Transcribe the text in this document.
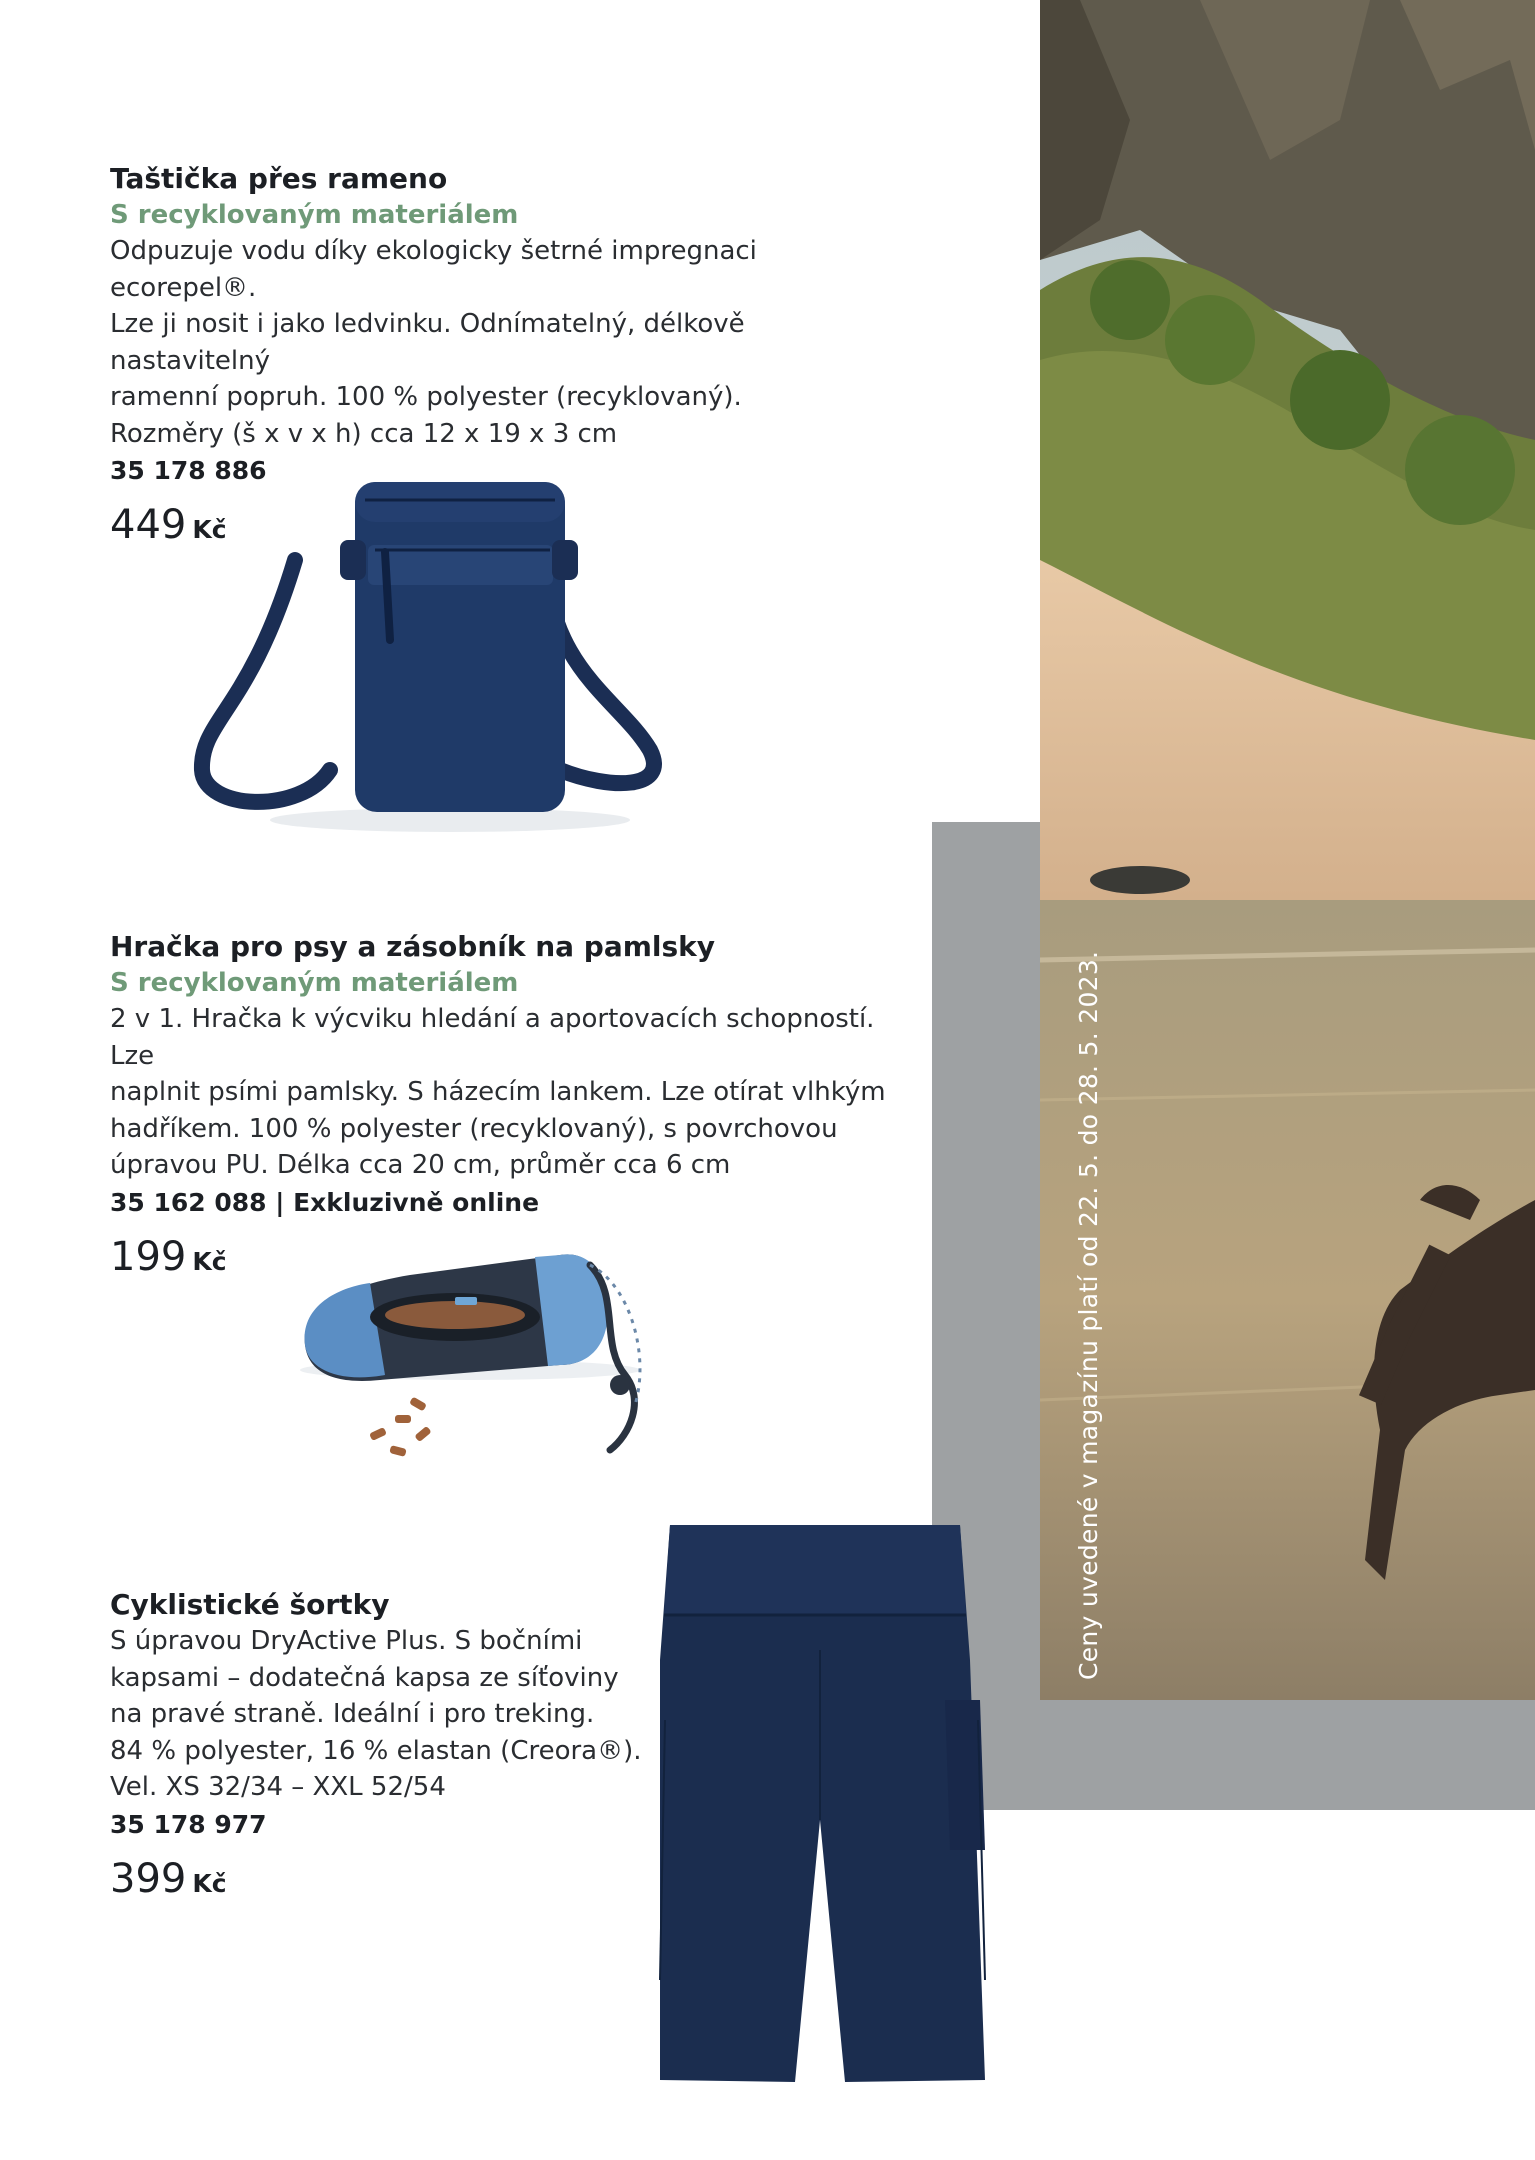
Taštička přes rameno
S recyklovaným materiálem

Odpuzuje vodu díky ekologicky šetrné impregnaci ecorepel®.

Lze ji nosit i jako ledvinku. Odnímatelný, délkově nastavitelný

ramenní popruh. 100 % polyester (recyklovaný).

Rozměry (š x v x h) cca 12 x 19 x 3 cm

35 178 886
449 Kč
Hračka pro psy a zásobník na pamlsky
S recyklovaným materiálem

2 v 1. Hračka k výcviku hledání a aportovacích schopností. Lze

naplnit psími pamlsky. S házecím lankem. Lze otírat vlhkým

hadříkem. 100 % polyester (recyklovaný), s povrchovou

úpravou PU. Délka cca 20 cm, průměr cca 6 cm

35 162 088 | Exkluzivně online
199 Kč
Cyklistické šortky

S úpravou DryActive Plus. S bočními

kapsami – dodatečná kapsa ze síťoviny

na pravé straně. Ideální i pro treking.

84 % polyester, 16 % elastan (Creora®).

Vel. XS 32/34 – XXL 52/54

35 178 977
399 Kč
Ceny uvedené v magazínu platí od 22. 5. do 28. 5. 2023.
